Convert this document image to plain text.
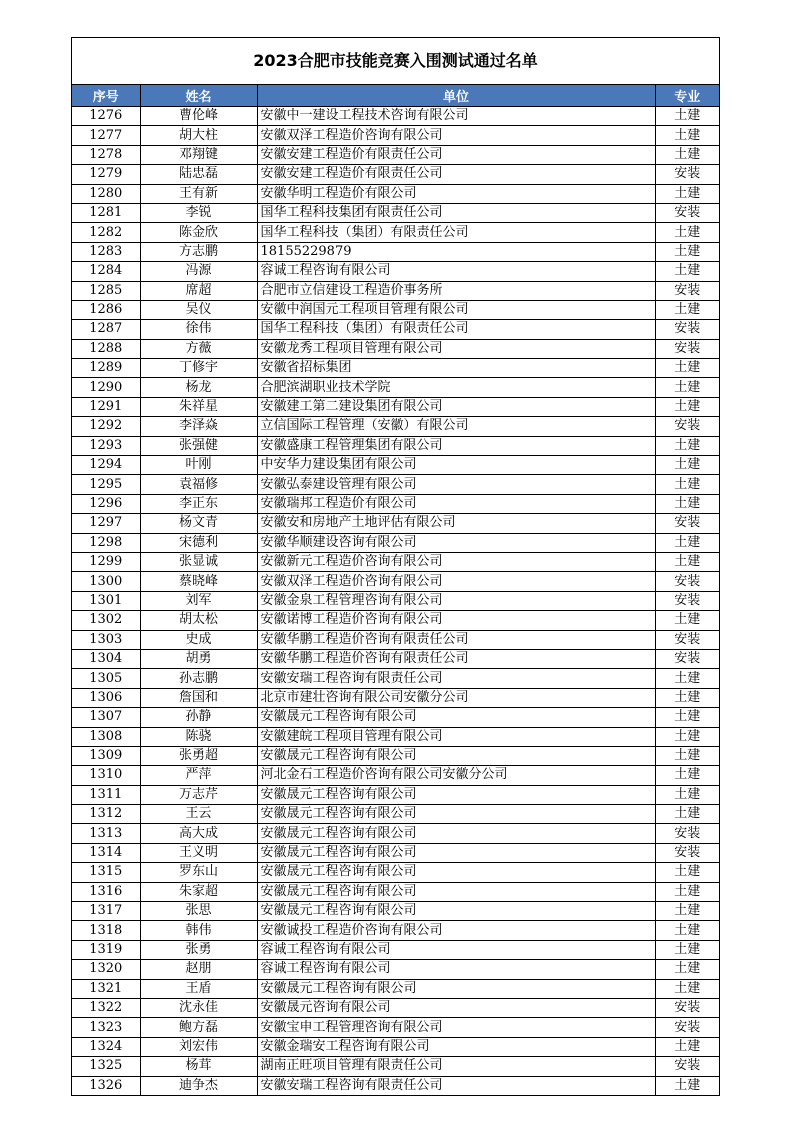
2023合肥市技能竞赛入围测试通过名单
序号	姓名	单位	专业
1276	曹伦峰	安徽中一建设工程技术咨询有限公司	土建
1277	胡大柱	安徽双泽工程造价咨询有限公司	土建
1278	邓翔键	安徽安建工程造价有限责任公司	土建
1279	陆忠磊	安徽安建工程造价有限责任公司	安装
1280	王有新	安徽华明工程造价有限公司	土建
1281	李锐	国华工程科技集团有限责任公司	安装
1282	陈金欣	国华工程科技（集团）有限责任公司	土建
1283	方志鹏	18155229879	土建
1284	冯源	容诚工程咨询有限公司	土建
1285	席超	合肥市立信建设工程造价事务所	安装
1286	吴仪	安徽中润国元工程项目管理有限公司	土建
1287	徐伟	国华工程科技（集团）有限责任公司	安装
1288	方薇	安徽龙秀工程项目管理有限公司	安装
1289	丁修宇	安徽省招标集团	土建
1290	杨龙	合肥滨湖职业技术学院	土建
1291	朱祥星	安徽建工第二建设集团有限公司	土建
1292	李泽焱	立信国际工程管理（安徽）有限公司	安装
1293	张强健	安徽盛康工程管理集团有限公司	土建
1294	叶刚	中安华力建设集团有限公司	土建
1295	袁福修	安徽弘泰建设管理有限公司	土建
1296	李正东	安徽瑞邦工程造价有限公司	土建
1297	杨文青	安徽安和房地产土地评估有限公司	安装
1298	宋德利	安徽华顺建设咨询有限公司	土建
1299	张显诚	安徽新元工程造价咨询有限公司	土建
1300	蔡晓峰	安徽双泽工程造价咨询有限公司	安装
1301	刘军	安徽金泉工程管理咨询有限公司	安装
1302	胡太松	安徽诺博工程造价咨询有限公司	土建
1303	史成	安徽华鹏工程造价咨询有限责任公司	安装
1304	胡勇	安徽华鹏工程造价咨询有限责任公司	安装
1305	孙志鹏	安徽安瑞工程咨询有限责任公司	土建
1306	詹国和	北京市建壮咨询有限公司安徽分公司	土建
1307	孙静	安徽晟元工程咨询有限公司	土建
1308	陈骁	安徽建皖工程项目管理有限公司	土建
1309	张勇超	安徽晟元工程咨询有限公司	土建
1310	严萍	河北金石工程造价咨询有限公司安徽分公司	土建
1311	万志芹	安徽晟元工程咨询有限公司	土建
1312	王云	安徽晟元工程咨询有限公司	土建
1313	高大成	安徽晟元工程咨询有限公司	安装
1314	王义明	安徽晟元工程咨询有限公司	安装
1315	罗东山	安徽晟元工程咨询有限公司	土建
1316	朱家超	安徽晟元工程咨询有限公司	土建
1317	张思	安徽晟元工程咨询有限公司	土建
1318	韩伟	安徽诚投工程造价咨询有限公司	土建
1319	张勇	容诚工程咨询有限公司	土建
1320	赵朋	容诚工程咨询有限公司	土建
1321	王盾	安徽晟元工程咨询有限公司	土建
1322	沈永佳	安徽晟元咨询有限公司	安装
1323	鲍方磊	安徽宝申工程管理咨询有限公司	安装
1324	刘宏伟	安徽金瑞安工程咨询有限公司	土建
1325	杨茸	湖南正旺项目管理有限责任公司	安装
1326	迪争杰	安徽安瑞工程咨询有限责任公司	土建
